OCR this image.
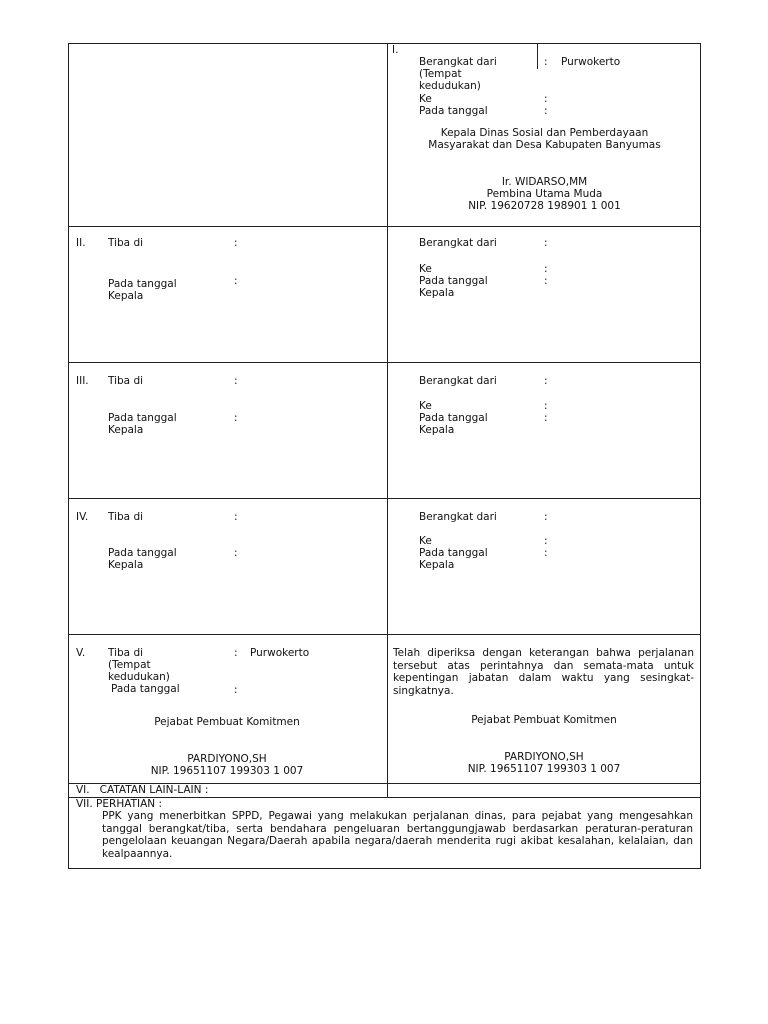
I.
Berangkat dari	: Purwokerto
(Tempat
kedudukan)
Ke	:
Pada tanggal	:
Kepala Dinas Sosial dan Pemberdayaan
Masyarakat dan Desa Kabupaten Banyumas
Ir. WIDARSO,MM
Pembina Utama Muda
NIP. 19620728 198901 1 001
II. Tiba di	:
Pada tanggal	:
Kepala
Berangkat dari	:
Ke	:
Pada tanggal	:
Kepala
III. Tiba di	:
Pada tanggal	:
Kepala
Berangkat dari	:
Ke	:
Pada tanggal	:
Kepala
IV. Tiba di	:
Pada tanggal	:
Kepala
Berangkat dari	:
Ke	:
Pada tanggal	:
Kepala
V. Tiba di	: Purwokerto
(Tempat
kedudukan)
Pada tanggal	:
Pejabat Pembuat Komitmen
PARDIYONO,SH
NIP. 19651107 199303 1 007
Telah diperiksa dengan keterangan bahwa perjalanan tersebut atas perintahnya dan semata-mata untuk kepentingan jabatan dalam waktu yang sesingkat-singkatnya.
Pejabat Pembuat Komitmen
PARDIYONO,SH
NIP. 19651107 199303 1 007
VI.   CATATAN LAIN-LAIN :
VII. PERHATIAN :
PPK yang menerbitkan SPPD, Pegawai yang melakukan perjalanan dinas, para pejabat yang mengesahkan tanggal berangkat/tiba, serta bendahara pengeluaran bertanggungjawab berdasarkan peraturan-peraturan pengelolaan keuangan Negara/Daerah apabila negara/daerah menderita rugi akibat kesalahan, kelalaian, dan kealpaannya.
